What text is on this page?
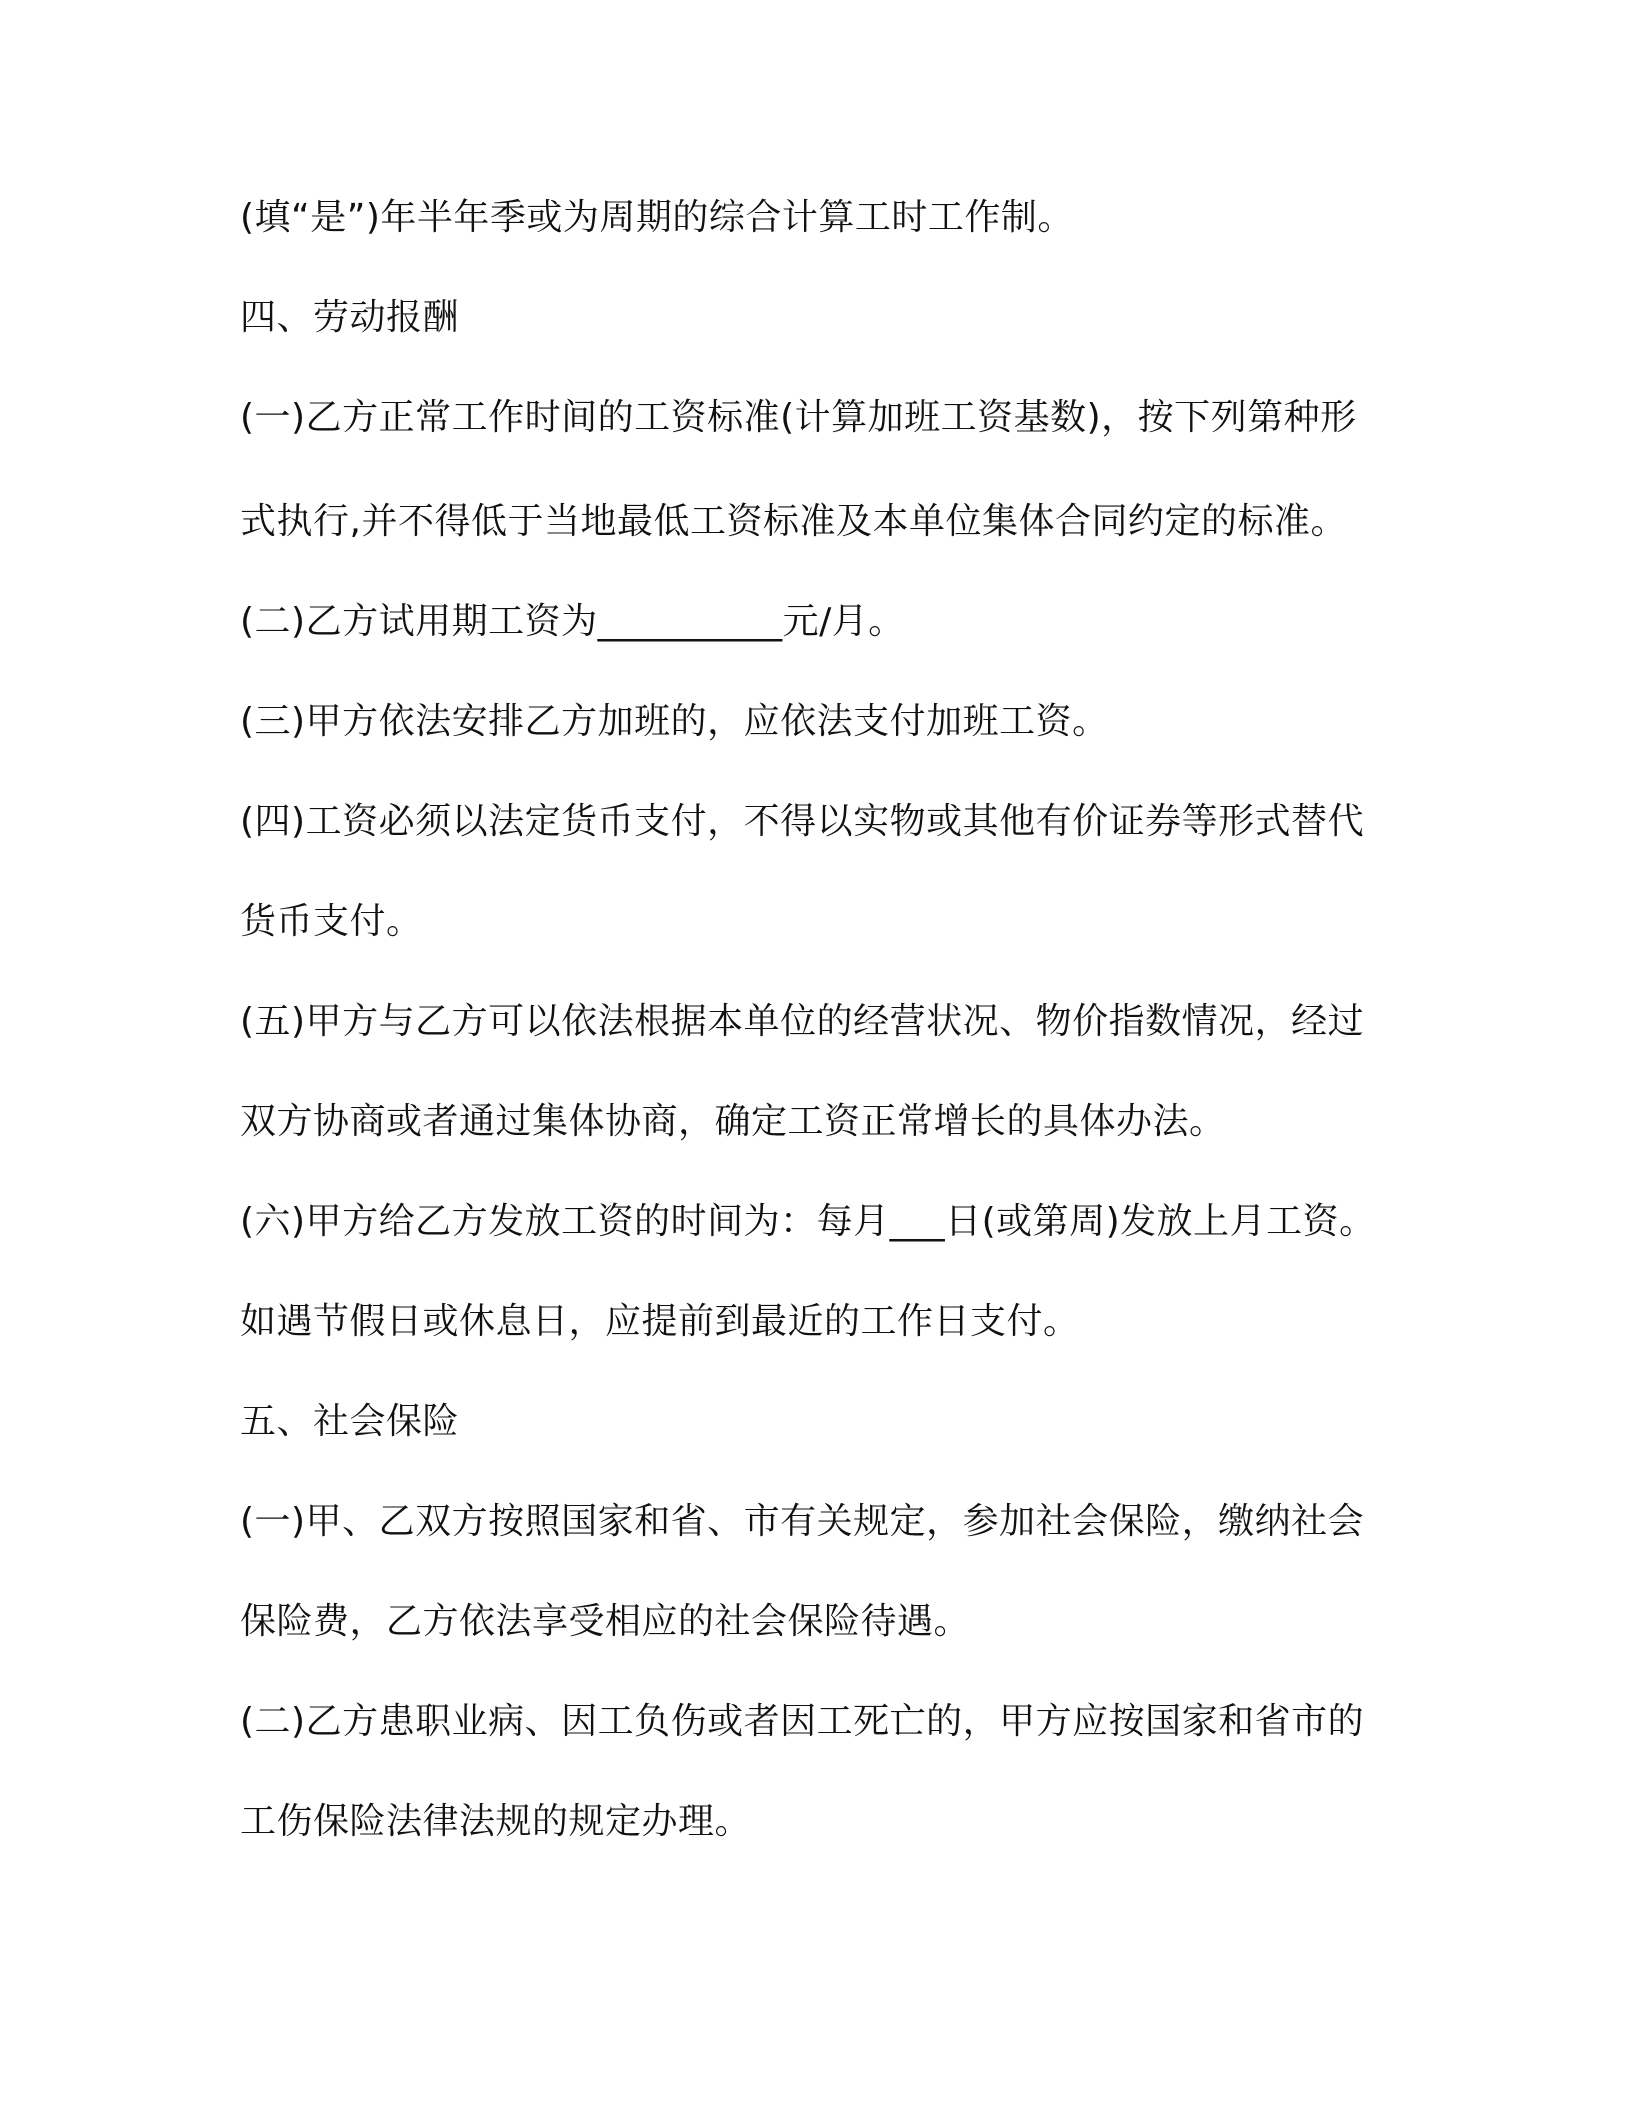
(填“是”)年半年季或为周期的综合计算工时工作制。
四、劳动报酬
(一)乙方正常工作时间的工资标准(计算加班工资基数)，按下列第种形
式执行,并不得低于当地最低工资标准及本单位集体合同约定的标准。
(二)乙方试用期工资为__________元/月。
(三)甲方依法安排乙方加班的，应依法支付加班工资。
(四)工资必须以法定货币支付，不得以实物或其他有价证券等形式替代
货币支付。
(五)甲方与乙方可以依法根据本单位的经营状况、物价指数情况，经过
双方协商或者通过集体协商，确定工资正常增长的具体办法。
(六)甲方给乙方发放工资的时间为：每月___日(或第周)发放上月工资。
如遇节假日或休息日，应提前到最近的工作日支付。
五、社会保险
(一)甲、乙双方按照国家和省、市有关规定，参加社会保险，缴纳社会
保险费，乙方依法享受相应的社会保险待遇。
(二)乙方患职业病、因工负伤或者因工死亡的，甲方应按国家和省市的
工伤保险法律法规的规定办理。
